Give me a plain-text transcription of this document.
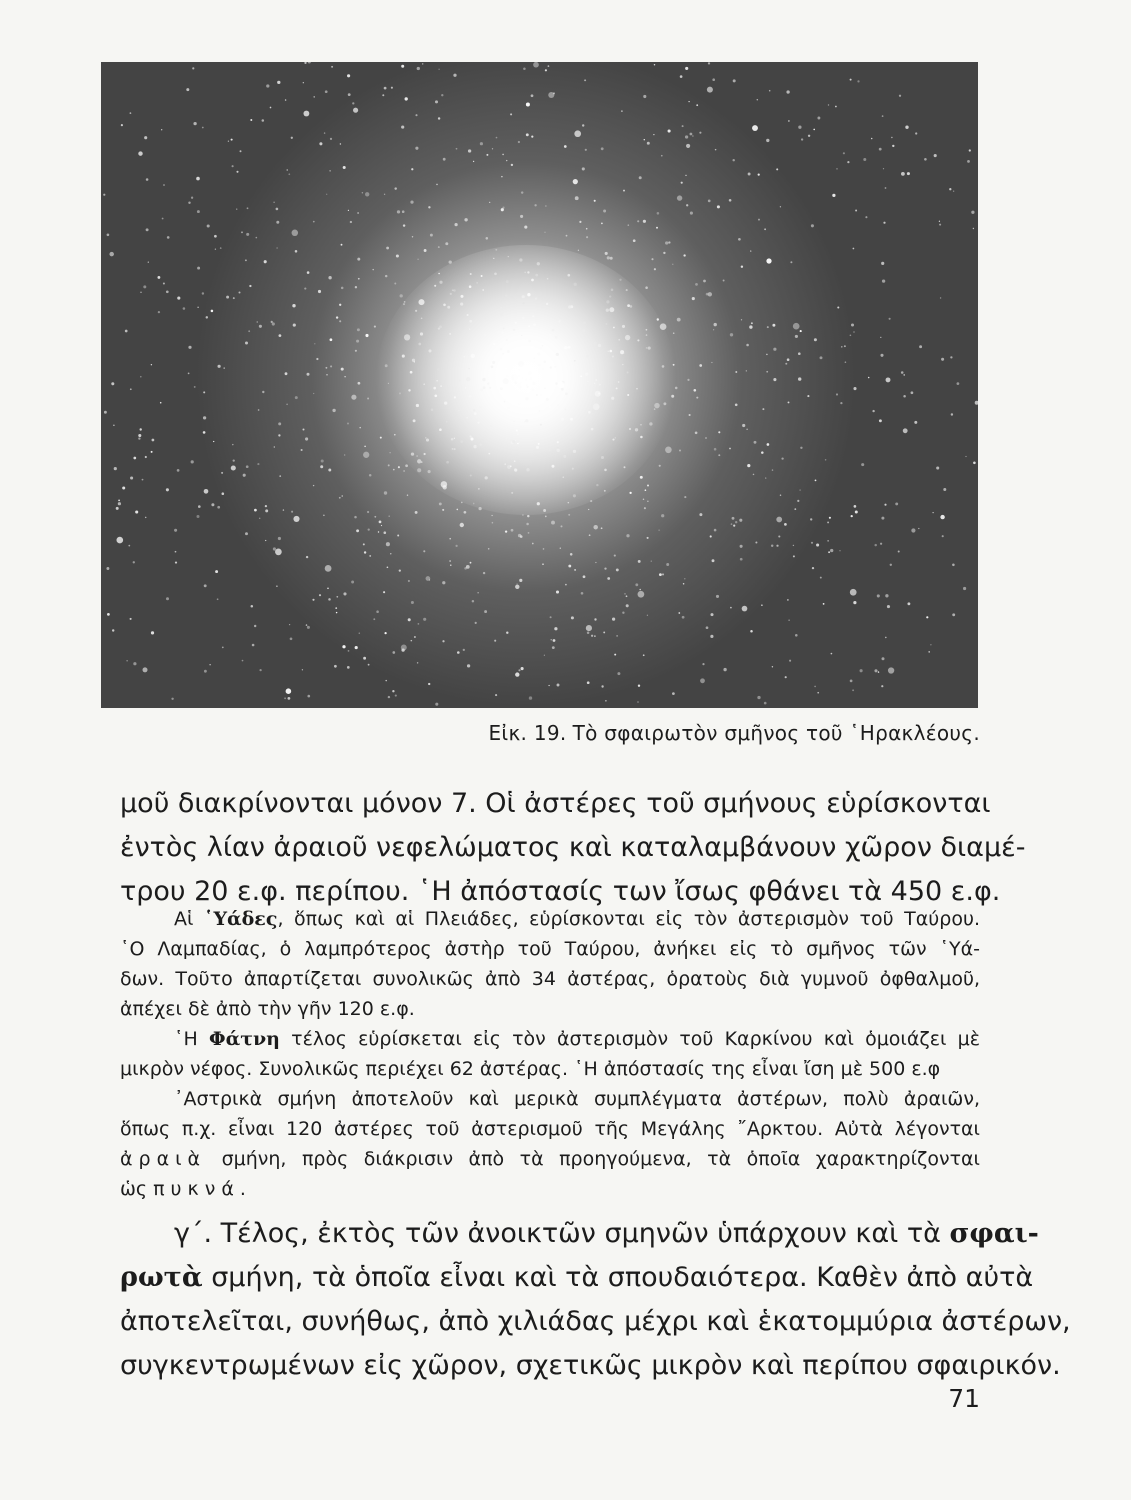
Εἰκ. 19. Τὸ σφαιρωτὸν σμῆνος τοῦ ῾Ηρακλέους.
μοῦ διακρίνονται μόνον 7. Οἱ ἀστέρες τοῦ σμήνους εὑρίσκονται
ἐντὸς λίαν ἀραιοῦ νεφελώματος καὶ καταλαμβάνουν χῶρον διαμέ-
τρου 20 ε.φ. περίπου. ῾Η ἀπόστασίς των ἴσως φθάνει τὰ 450 ε.φ.
Αἱ ῾Υάδες, ὅπως καὶ αἱ Πλειάδες, εὑρίσκονται εἰς τὸν ἀστερισμὸν τοῦ Ταύρου.
῾Ο Λαμπαδίας, ὁ λαμπρότερος ἀστὴρ τοῦ Ταύρου, ἀνήκει εἰς τὸ σμῆνος τῶν ῾Υά-
δων. Τοῦτο ἀπαρτίζεται συνολικῶς ἀπὸ 34 ἀστέρας, ὁρατοὺς διὰ γυμνοῦ ὀφθαλμοῦ,
ἀπέχει δὲ ἀπὸ τὴν γῆν 120 ε.φ.
῾Η Φάτνη τέλος εὑρίσκεται εἰς τὸν ἀστερισμὸν τοῦ Καρκίνου καὶ ὁμοιάζει μὲ
μικρὸν νέφος. Συνολικῶς περιέχει 62 ἀστέρας. ῾Η ἀπόστασίς της εἶναι ἴση μὲ 500 ε.φ
᾿Αστρικὰ σμήνη ἀποτελοῦν καὶ μερικὰ συμπλέγματα ἀστέρων, πολὺ ἀραιῶν,
ὅπως π.χ. εἶναι 120 ἀστέρες τοῦ ἀστερισμοῦ τῆς Μεγάλης ῎Αρκτου. Αὐτὰ λέγονται
ἀραιὰ σμήνη, πρὸς διάκρισιν ἀπὸ τὰ προηγούμενα, τὰ ὁποῖα χαρακτηρίζονται
ὡς πυκνά.
γ΄. Τέλος, ἐκτὸς τῶν ἀνοικτῶν σμηνῶν ὑπάρχουν καὶ τὰ σφαι-
ρωτὰ σμήνη, τὰ ὁποῖα εἶναι καὶ τὰ σπουδαιότερα. Καθὲν ἀπὸ αὐτὰ
ἀποτελεῖται, συνήθως, ἀπὸ χιλιάδας μέχρι καὶ ἑκατομμύρια ἀστέρων,
συγκεντρωμένων εἰς χῶρον, σχετικῶς μικρὸν καὶ περίπου σφαιρικόν.
71
